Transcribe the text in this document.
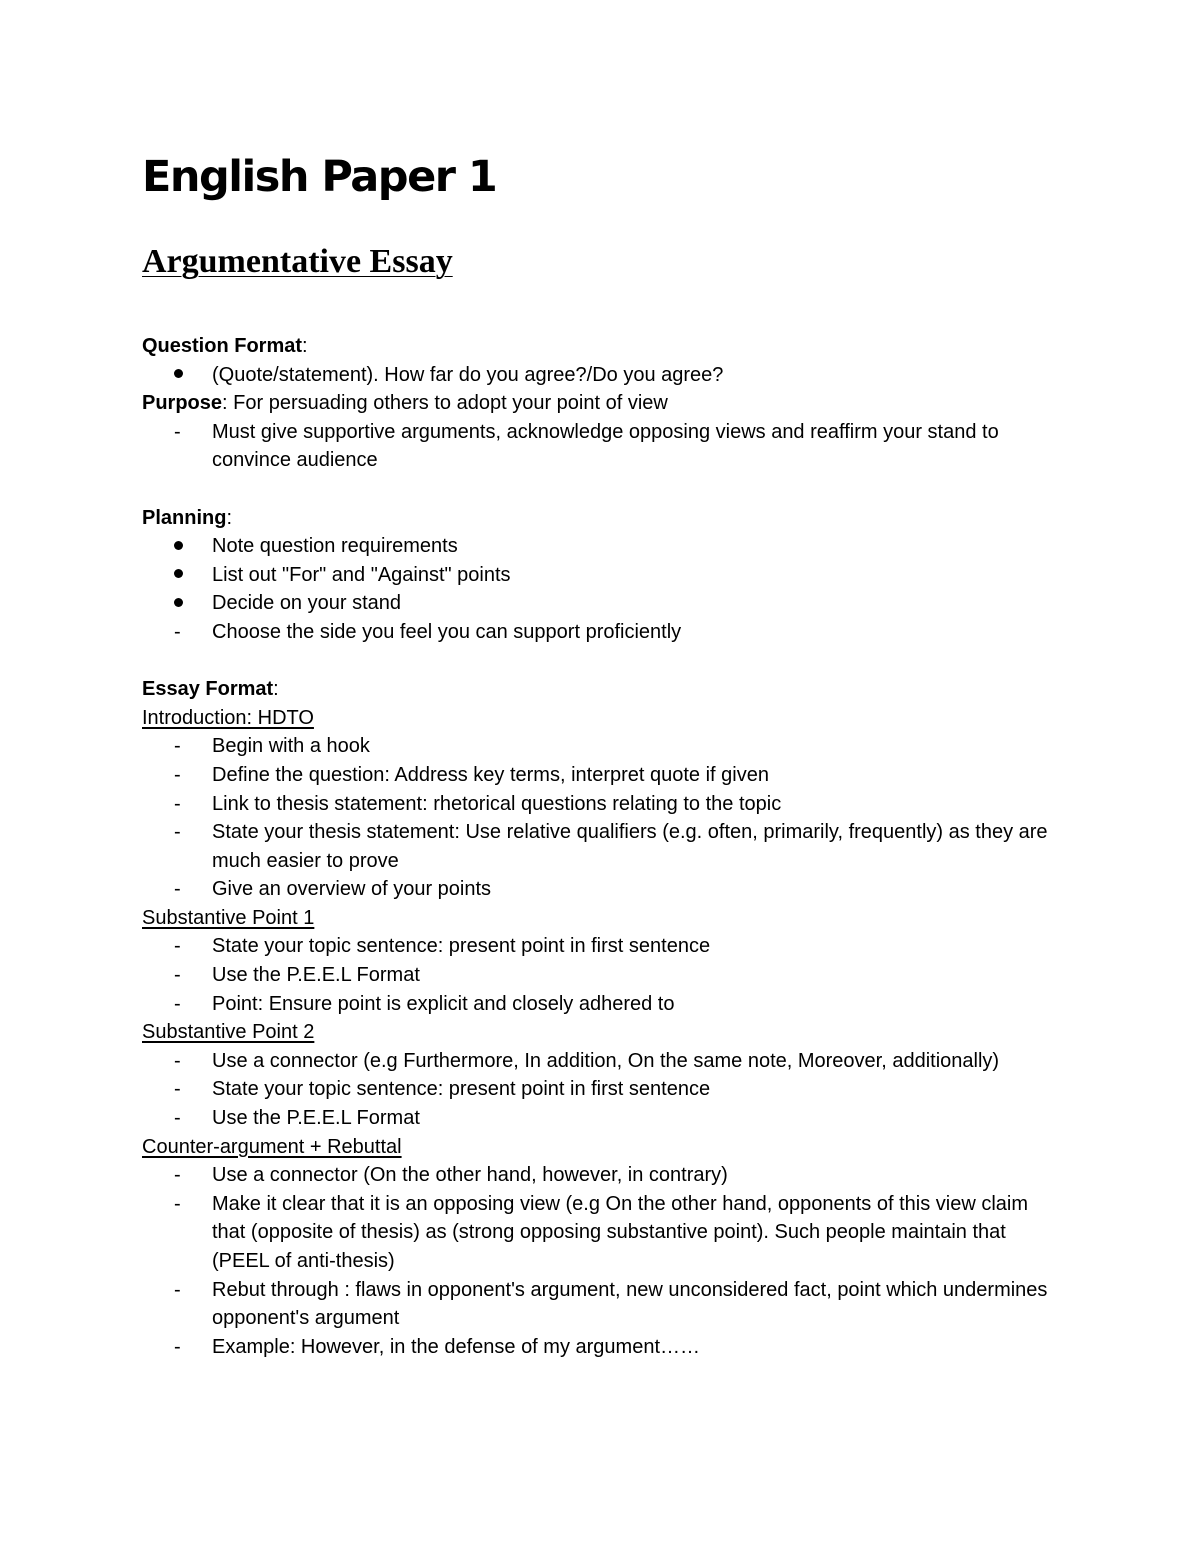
English Paper 1
Argumentative Essay
Question Format:
(Quote/statement). How far do you agree?/Do you agree?
Purpose: For persuading others to adopt your point of view
-	Must give supportive arguments, acknowledge opposing views and reaffirm your stand to convince audience
Planning:
Note question requirements
List out "For" and "Against" points
Decide on your stand
-	Choose the side you feel you can support proficiently
Essay Format:
Introduction: HDTO
-	Begin with a hook
-	Define the question: Address key terms, interpret quote if given
-	Link to thesis statement: rhetorical questions relating to the topic
-	State your thesis statement: Use relative qualifiers (e.g. often, primarily, frequently) as they are much easier to prove
-	Give an overview of your points
Substantive Point 1
-	State your topic sentence: present point in first sentence
-	Use the P.E.E.L Format
-	Point: Ensure point is explicit and closely adhered to
Substantive Point 2
-	Use a connector (e.g Furthermore, In addition, On the same note, Moreover, additionally)
-	State your topic sentence: present point in first sentence
-	Use the P.E.E.L Format
Counter-argument + Rebuttal
-	Use a connector (On the other hand, however, in contrary)
-	Make it clear that it is an opposing view (e.g On the other hand, opponents of this view claim that (opposite of thesis) as (strong opposing substantive point). Such people maintain that (PEEL of anti-thesis)
-	Rebut through : flaws in opponent's argument, new unconsidered fact, point which undermines opponent's argument
-	Example: However, in the defense of my argument……
